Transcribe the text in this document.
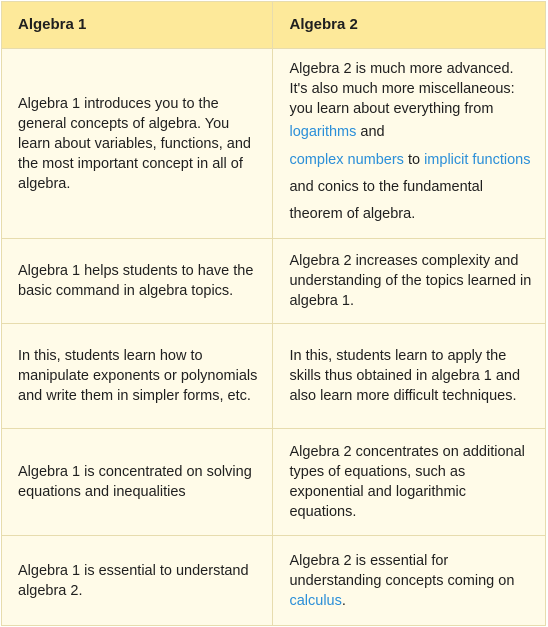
Algebra 1	Algebra 2
Algebra 1 introduces you to the general concepts of algebra. You learn about variables, functions, and the most important concept in all of algebra.	Algebra 2 is much more advanced. It's also much more miscellaneous: you learn about everything from logarithms and
complex numbers to implicit functions and conics to the fundamental theorem of algebra.

Algebra 1 helps students to have the basic command in algebra topics.	Algebra 2 increases complexity and understanding of the topics learned in algebra 1.
In this, students learn how to manipulate exponents or polynomials and write them in simpler forms, etc.	In this, students learn to apply the skills thus obtained in algebra 1 and also learn more difficult techniques.
Algebra 1 is concentrated on solving equations and inequalities	Algebra 2 concentrates on additional types of equations, such as exponential and logarithmic equations.
Algebra 1 is essential to understand algebra 2.	Algebra 2 is essential for understanding concepts coming on calculus.
